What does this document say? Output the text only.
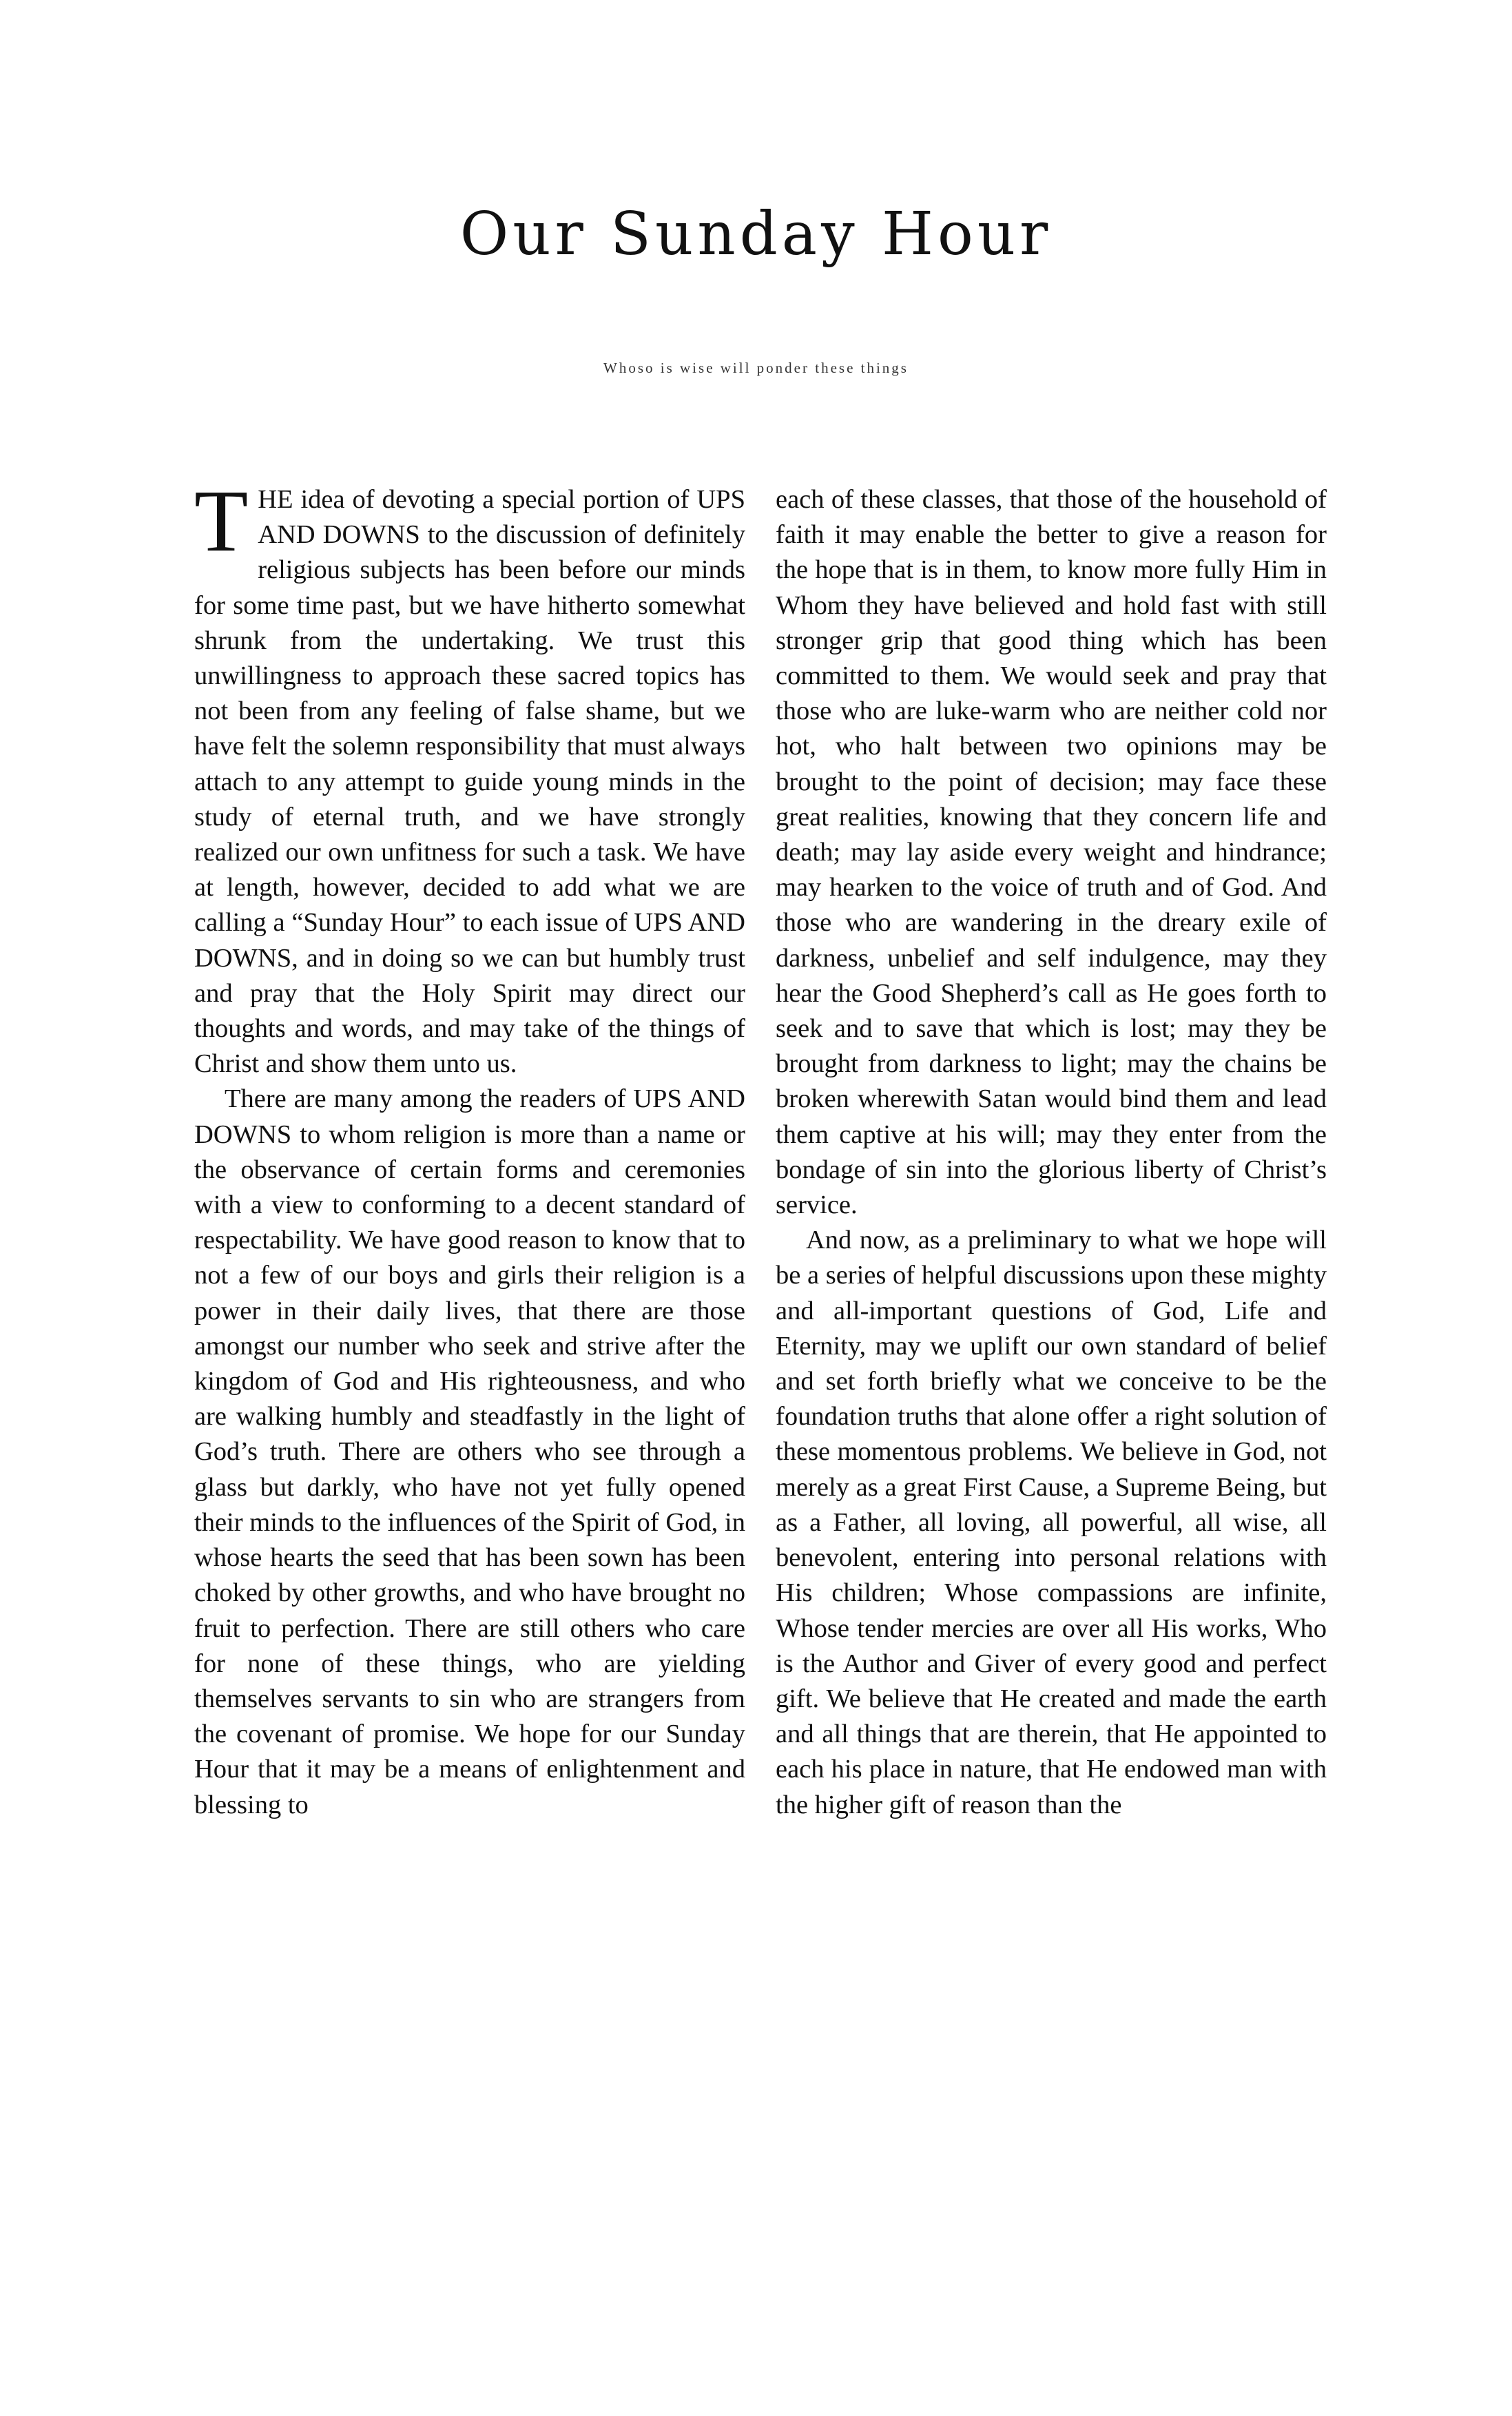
Our Sunday Hour
Whoso is wise will ponder these things

THE idea of devoting a special portion of UPS AND DOWNS to the discussion of definitely religious subjects has been before our minds for some time past, but we have hitherto somewhat shrunk from the undertaking. We trust this unwillingness to approach these sacred topics has not been from any feeling of false shame, but we have felt the solemn responsibility that must always attach to any attempt to guide young minds in the study of eternal truth, and we have strongly realized our own unfitness for such a task. We have at length, however, decided to add what we are calling a “Sunday Hour” to each issue of UPS AND DOWNS, and in doing so we can but humbly trust and pray that the Holy Spirit may direct our thoughts and words, and may take of the things of Christ and show them unto us.

There are many among the readers of UPS AND DOWNS to whom religion is more than a name or the observance of certain forms and ceremonies with a view to conforming to a decent standard of respectability. We have good reason to know that to not a few of our boys and girls their religion is a power in their daily lives, that there are those amongst our number who seek and strive after the kingdom of God and His righteousness, and who are walking humbly and steadfastly in the light of God’s truth. There are others who see through a glass but darkly, who have not yet fully opened their minds to the influences of the Spirit of God, in whose hearts the seed that has been sown has been choked by other growths, and who have brought no fruit to perfection. There are still others who care for none of these things, who are yielding themselves servants to sin who are strangers from the covenant of promise. We hope for our Sunday Hour that it may be a means of enlightenment and blessing to

each of these classes, that those of the household of faith it may enable the better to give a reason for the hope that is in them, to know more fully Him in Whom they have believed and hold fast with still stronger grip that good thing which has been committed to them. We would seek and pray that those who are luke-warm who are neither cold nor hot, who halt between two opinions may be brought to the point of decision; may face these great realities, knowing that they concern life and death; may lay aside every weight and hindrance; may hearken to the voice of truth and of God. And those who are wandering in the dreary exile of darkness, unbelief and self indulgence, may they hear the Good Shepherd’s call as He goes forth to seek and to save that which is lost; may they be brought from darkness to light; may the chains be broken wherewith Satan would bind them and lead them captive at his will; may they enter from the bondage of sin into the glorious liberty of Christ’s service.

And now, as a preliminary to what we hope will be a series of helpful discussions upon these mighty and all-important questions of God, Life and Eternity, may we uplift our own standard of belief and set forth briefly what we conceive to be the foundation truths that alone offer a right solution of these momentous problems. We believe in God, not merely as a great First Cause, a Supreme Being, but as a Father, all loving, all powerful, all wise, all benevolent, entering into personal relations with His children; Whose compassions are infinite, Whose tender mercies are over all His works, Who is the Author and Giver of every good and perfect gift. We believe that He created and made the earth and all things that are therein, that He appointed to each his place in nature, that He endowed man with the higher gift of reason than the
